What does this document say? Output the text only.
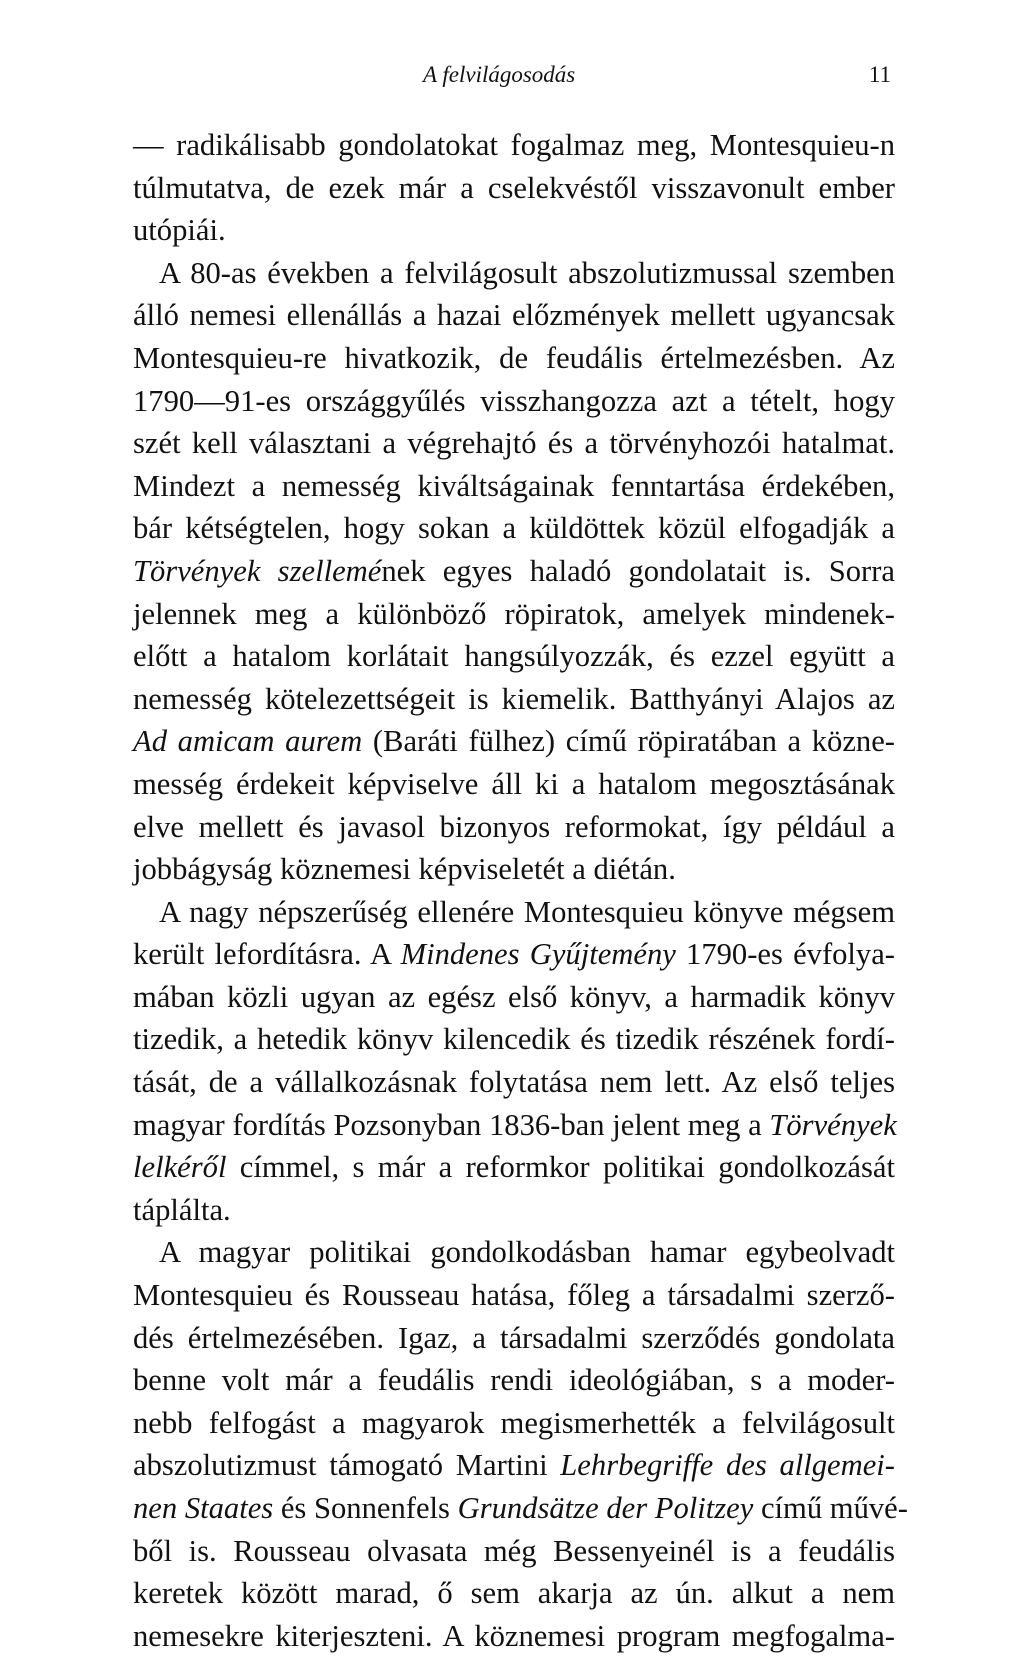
A felvilágosodás	11
— radikálisabb gondolatokat fogalmaz meg, Montesquieu-n
túlmutatva, de ezek már a cselekvéstől visszavonult ember
utópiái.
A 80-as években a felvilágosult abszolutizmussal szemben
álló nemesi ellenállás a hazai előzmények mellett ugyancsak
Montesquieu-re hivatkozik, de feudális értelmezésben. Az
1790—91-es országgyűlés visszhangozza azt a tételt, hogy
szét kell választani a végrehajtó és a törvényhozói hatalmat.
Mindezt a nemesség kiváltságainak fenntartása érdekében,
bár kétségtelen, hogy sokan a küldöttek közül elfogadják a
Törvények szellemének egyes haladó gondolatait is. Sorra
jelennek meg a különböző röpiratok, amelyek mindenek-
előtt a hatalom korlátait hangsúlyozzák, és ezzel együtt a
nemesség kötelezettségeit is kiemelik. Batthyányi Alajos az
Ad amicam aurem (Baráti fülhez) című röpiratában a közne-
messég érdekeit képviselve áll ki a hatalom megosztásának
elve mellett és javasol bizonyos reformokat, így például a
jobbágyság köznemesi képviseletét a diétán.
A nagy népszerűség ellenére Montesquieu könyve mégsem
került lefordításra. A Mindenes Gyűjtemény 1790-es évfolya-
mában közli ugyan az egész első könyv, a harmadik könyv
tizedik, a hetedik könyv kilencedik és tizedik részének fordí-
tását, de a vállalkozásnak folytatása nem lett. Az első teljes
magyar fordítás Pozsonyban 1836-ban jelent meg a Törvények
lelkéről címmel, s már a reformkor politikai gondolkozását
táplálta.
A magyar politikai gondolkodásban hamar egybeolvadt
Montesquieu és Rousseau hatása, főleg a társadalmi szerző-
dés értelmezésében. Igaz, a társadalmi szerződés gondolata
benne volt már a feudális rendi ideológiában, s a moder-
nebb felfogást a magyarok megismerhették a felvilágosult
abszolutizmust támogató Martini Lehrbegriffe des allgemei-
nen Staates és Sonnenfels Grundsätze der Politzey című művé-
ből is. Rousseau olvasata még Bessenyeinél is a feudális
keretek között marad, ő sem akarja az ún. alkut a nem
nemesekre kiterjeszteni. A köznemesi program megfogalma-
